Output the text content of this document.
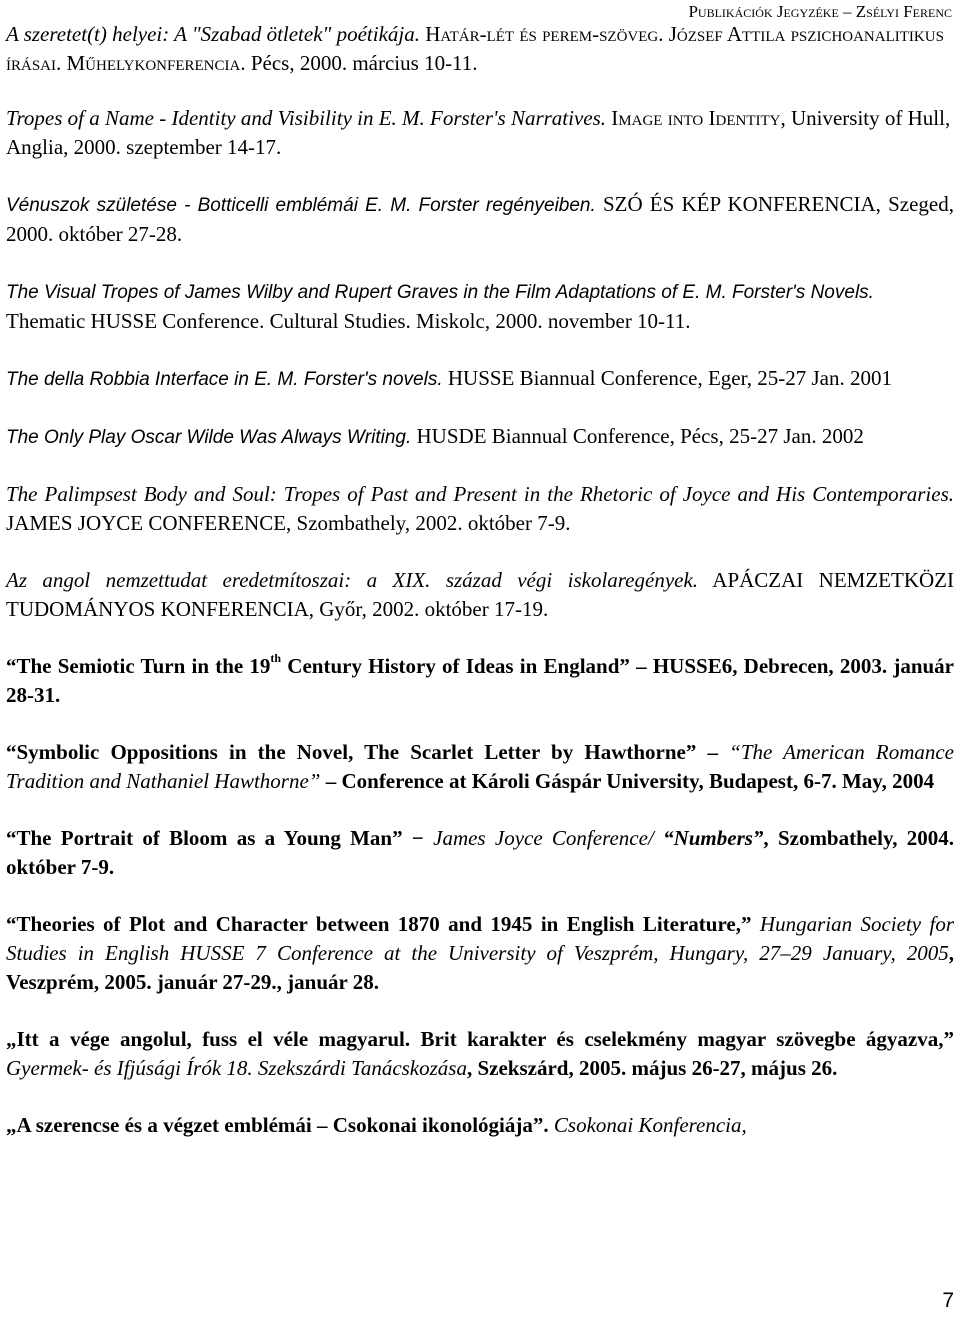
Publikációk Jegyzéke – Zsélyi Ferenc
A szeretet(t) helyei: A "Szabad ötletek" poétikája. Határ-lét és perem-szöveg. József Attila pszichoanalitikus írásai. Műhelykonferencia. Pécs, 2000. március 10-11.
Tropes of a Name - Identity and Visibility in E. M. Forster's Narratives. Image into Identity, University of Hull, Anglia, 2000. szeptember 14-17.
Vénuszok születése - Botticelli emblémái E. M. Forster regényeiben. SZÓ ÉS KÉP KONFERENCIA, Szeged, 2000. október 27-28.
The Visual Tropes of James Wilby and Rupert Graves in the Film Adaptations of E. M. Forster's Novels. Thematic HUSSE Conference. Cultural Studies. Miskolc, 2000. november 10-11.
The della Robbia Interface in E. M. Forster's novels. HUSSE Biannual Conference, Eger, 25-27 Jan. 2001
The Only Play Oscar Wilde Was Always Writing. HUSDE Biannual Conference, Pécs, 25-27 Jan. 2002
The Palimpsest Body and Soul: Tropes of Past and Present in the Rhetoric of Joyce and His Contemporaries. JAMES JOYCE CONFERENCE, Szombathely, 2002. október 7-9.
Az angol nemzettudat eredetmítoszai: a XIX. század végi iskolaregények. APÁCZAI NEMZETKÖZI TUDOMÁNYOS KONFERENCIA, Győr, 2002. október 17-19.
“The Semiotic Turn in the 19th Century History of Ideas in England” – HUSSE6, Debrecen, 2003. január 28-31.
“Symbolic Oppositions in the Novel, The Scarlet Letter by Hawthorne” – “The American Romance Tradition and Nathaniel Hawthorne” – Conference at Károli Gáspár University, Budapest, 6-7. May, 2004
“The Portrait of Bloom as a Young Man” − James Joyce Conference/ “Numbers”, Szombathely, 2004. október 7-9.
“Theories of Plot and Character between 1870 and 1945 in English Literature,” Hungarian Society for Studies in English HUSSE 7 Conference at the University of Veszprém, Hungary, 27–29 January, 2005, Veszprém, 2005. január 27-29., január 28.
„Itt a vége angolul, fuss el véle magyarul. Brit karakter és cselekmény magyar szövegbe ágyazva,” Gyermek- és Ifjúsági Írók 18. Szekszárdi Tanácskozása, Szekszárd, 2005. május 26-27, május 26.
„A szerencse és a végzet emblémái – Csokonai ikonológiája”. Csokonai Konferencia,
7
